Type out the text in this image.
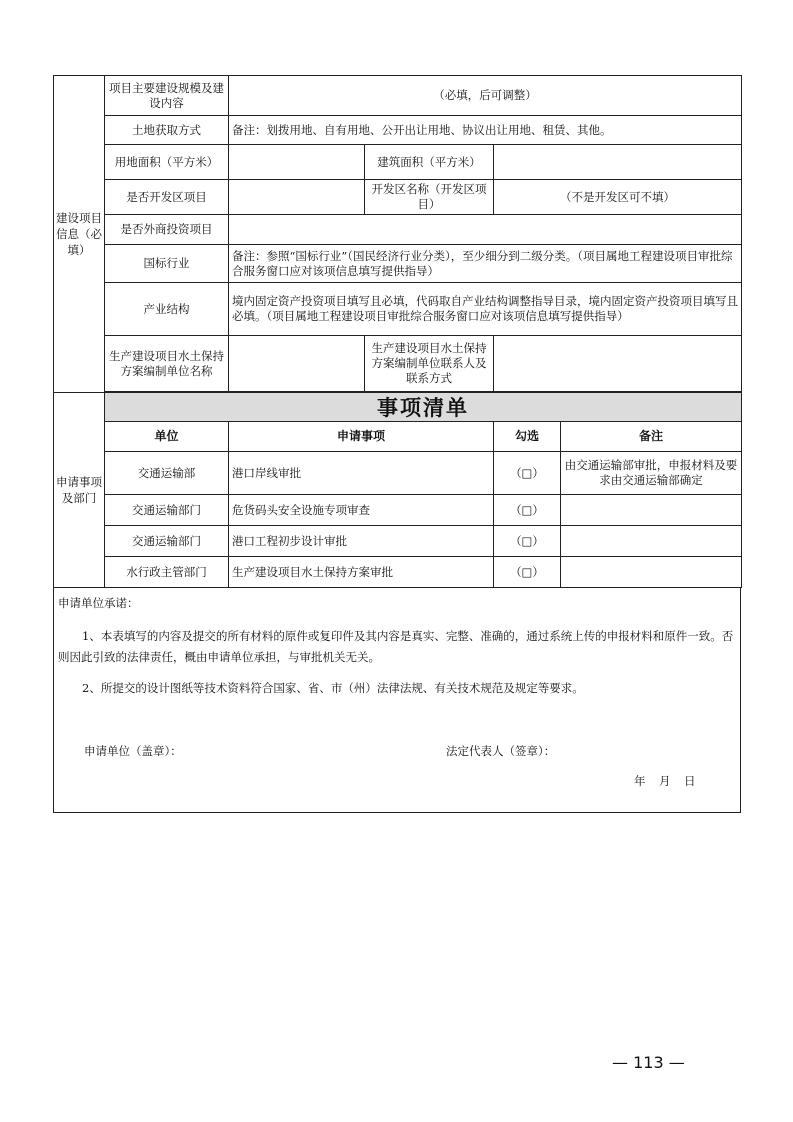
建设项目信息（必填）	项目主要建设规模及建设内容	（必填，后可调整）			
	土地获取方式	备注：划拨用地、自有用地、公开出让用地、协议出让用地、租赁、其他。			
	用地面积（平方米）		建筑面积（平方米）		
	是否开发区项目		开发区名称（开发区项目）	（不是开发区可不填）	
	是否外商投资项目				
	国标行业	备注：参照“国标行业”（国民经济行业分类），至少细分到二级分类。（项目属地工程建设项目审批综合服务窗口应对该项信息填写提供指导）			
	产业结构	境内固定资产投资项目填写且必填，代码取自产业结构调整指导目录，境内固定资产投资项目填写且必填。（项目属地工程建设项目审批综合服务窗口应对该项信息填写提供指导）			
	生产建设项目水土保持方案编制单位名称		生产建设项目水土保持方案编制单位联系人及联系方式		

申请事项及部门	事项清单				
	单位	申请事项		勾选	备注
	交通运输部	港口岸线审批		（□）	由交通运输部审批，申报材料及要求由交通运输部确定
	交通运输部门	危货码头安全设施专项审查		（□）	
	交通运输部门	港口工程初步设计审批		（□）	
	水行政主管部门	生产建设项目水土保持方案审批		（□）	
申请单位承诺：
1、本表填写的内容及提交的所有材料的原件或复印件及其内容是真实、完整、准确的，通过系统上传的申报材料和原件一致。否则因此引致的法律责任，概由申请单位承担，与审批机关无关。
2、所提交的设计图纸等技术资料符合国家、省、市（州）法律法规、有关技术规范及规定等要求。
申请单位（盖章）：	法定代表人（签章）：
年　月　日
— 113 —
